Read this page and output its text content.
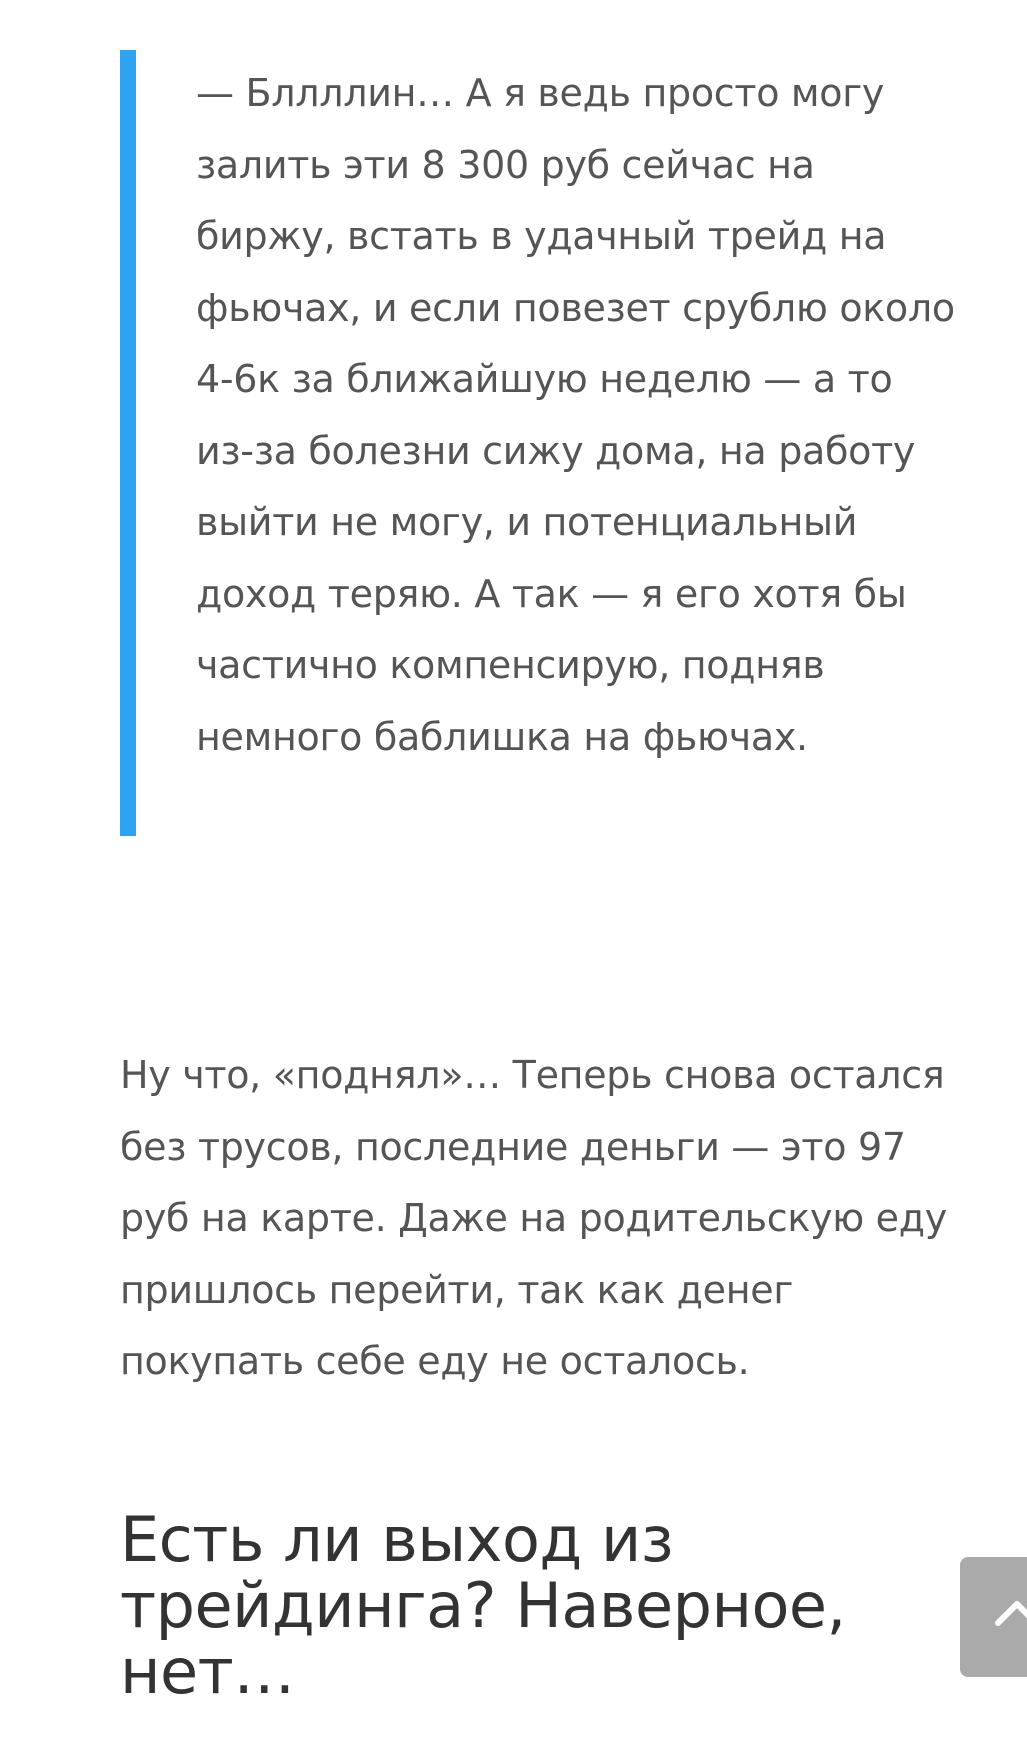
— Бллллин… А я ведь просто могу залить эти 8 300 руб сейчас на биржу, встать в удачный трейд на фьючах, и если повезет срублю около 4-6к за ближайшую неделю — а то из-за болезни сижу дома, на работу выйти не могу, и потенциальный доход теряю. А так — я его хотя бы частично компенсирую, подняв немного баблишка на фьючах.

Ну что, «поднял»… Теперь снова остался без трусов, последние деньги — это 97 руб на карте. Даже на родительскую еду пришлось перейти, так как денег покупать себе еду не осталось.

Есть ли выход из трейдинга? Наверное, нет…
